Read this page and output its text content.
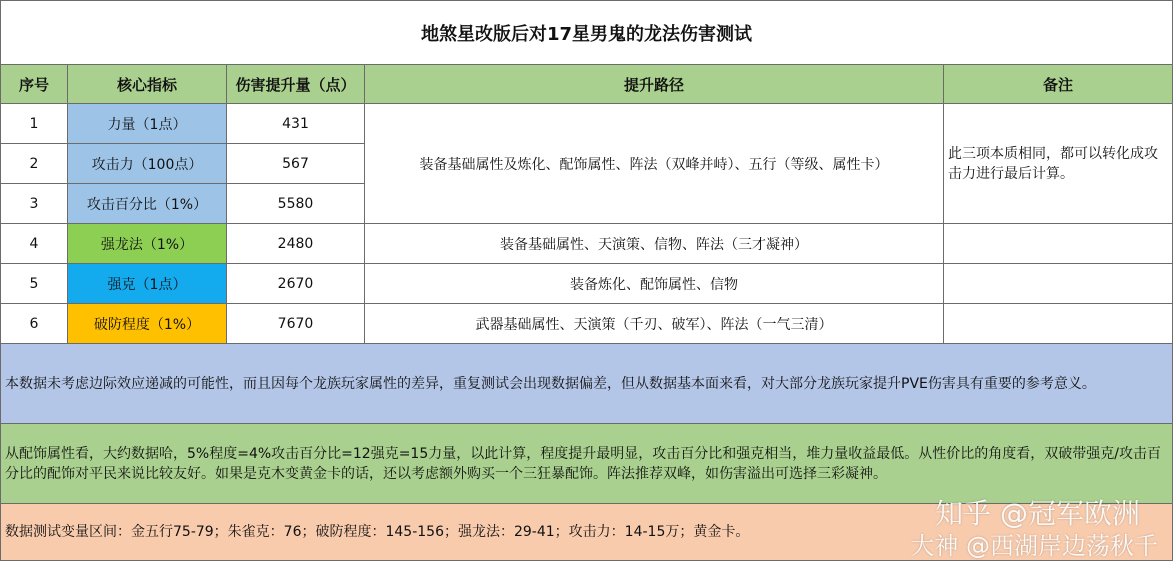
地煞星改版后对17星男鬼的龙法伤害测试				
序号	核心指标	伤害提升量（点）	提升路径	备注
1	力量（1点）	431	装备基础属性及炼化、配饰属性、阵法（双峰并峙）、五行（等级、属性卡）	此三项本质相同，都可以转化成攻击力进行最后计算。
2	攻击力（100点）	567		
3	攻击百分比（1%）	5580		
4	强龙法（1%）	2480	装备基础属性、天演策、信物、阵法（三才凝神）	
5	强克（1点）	2670	装备炼化、配饰属性、信物	
6	破防程度（1%）	7670	武器基础属性、天演策（千刃、破军）、阵法（一气三清）	
本数据未考虑边际效应递减的可能性，而且因每个龙族玩家属性的差异，重复测试会出现数据偏差，但从数据基本面来看，对大部分龙族玩家提升PVE伤害具有重要的参考意义。				
从配饰属性看，大约数据哈，5%程度=4%攻击百分比=12强克=15力量，以此计算，程度提升最明显，攻击百分比和强克相当，堆力量收益最低。从性价比的角度看，双破带强克/攻击百分比的配饰对平民来说比较友好。如果是克木变黄金卡的话，还以考虑额外购买一个三狂暴配饰。阵法推荐双峰，如伤害溢出可选择三彩凝神。				
数据测试变量区间：金五行75-79；朱雀克：76；破防程度：145-156；强龙法：29-41；攻击力：14-15万；黄金卡。				
知乎 @冠军欧洲
大神 @西湖岸边荡秋千
